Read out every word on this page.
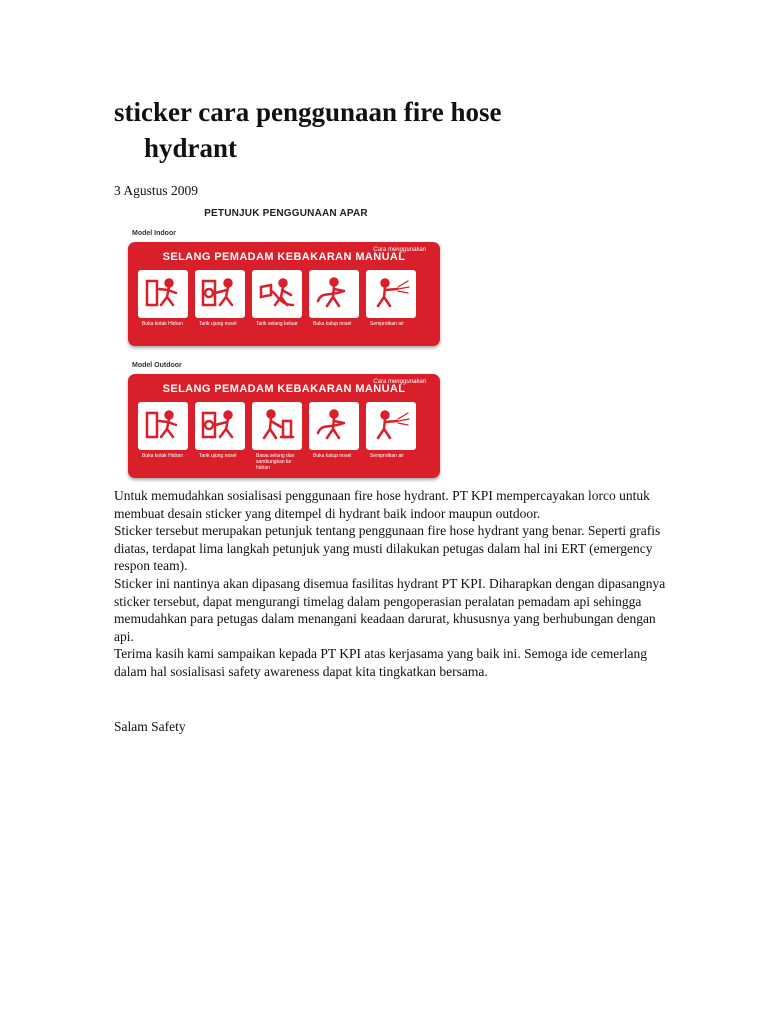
sticker cara penggunaan fire hose
hydrant
3 Agustus 2009
PETUNJUK PENGGUNAAN APAR
Model Indoor
Cara menggunakan
SELANG PEMADAM KEBAKARAN MANUAL
Buka kotak Hidran	Tarik ujung nosel	Tarik selang keluar	Buka katup nosel	Semprotkan air
Model Outdoor
Cara menggunakan
SELANG PEMADAM KEBAKARAN MANUAL
Buka kotak Hidran	Tarik ujung nosel	Bawa selang dan sambungkan ke hidran
Buka katup nosel	Semprotkan air

Untuk memudahkan sosialisasi penggunaan fire hose hydrant. PT KPI mempercayakan lorco untuk membuat desain sticker yang ditempel di hydrant baik indoor maupun outdoor.

Sticker tersebut merupakan petunjuk tentang penggunaan fire hose hydrant yang benar. Seperti grafis diatas, terdapat lima langkah petunjuk yang musti dilakukan petugas dalam hal ini ERT (emergency respon team).

Sticker ini nantinya akan dipasang disemua fasilitas hydrant PT KPI. Diharapkan dengan dipasangnya sticker tersebut, dapat mengurangi timelag dalam pengoperasian peralatan pemadam api sehingga memudahkan para petugas dalam menangani keadaan darurat, khususnya yang berhubungan dengan api.

Terima kasih kami sampaikan kepada PT KPI atas kerjasama yang baik ini. Semoga ide cemerlang dalam hal sosialisasi safety awareness dapat kita tingkatkan bersama.

Salam Safety
